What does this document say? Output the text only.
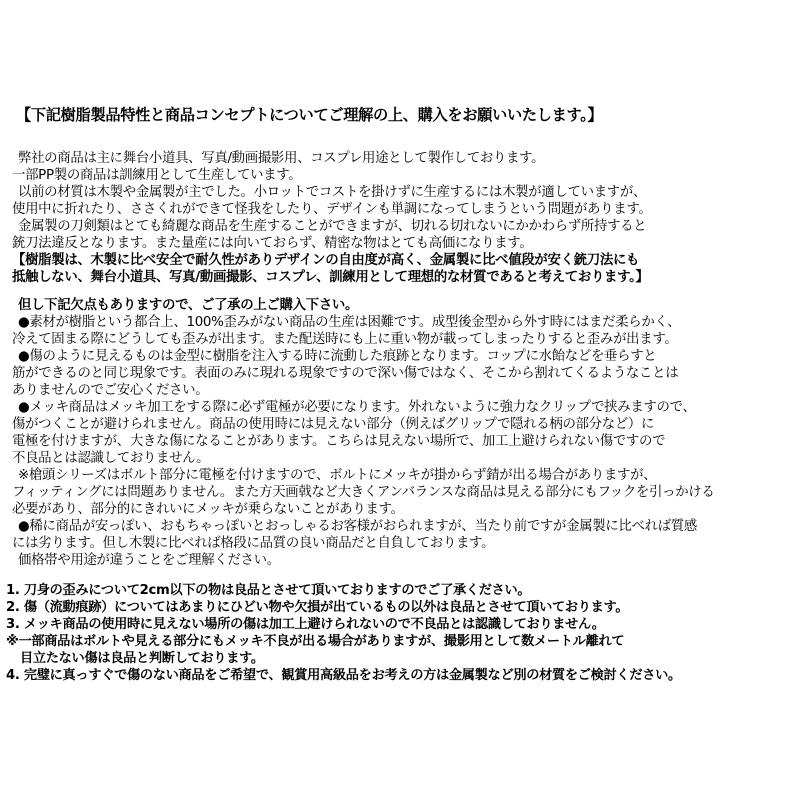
【下記樹脂製品特性と商品コンセプトについてご理解の上、購入をお願いいたします。】
弊社の商品は主に舞台小道具、写真/動画撮影用、コスプレ用途として製作しております。
一部PP製の商品は訓練用として生産しています。
以前の材質は木製や金属製が主でした。小ロットでコストを掛けずに生産するには木製が適していますが、
使用中に折れたり、ささくれができて怪我をしたり、デザインも単調になってしまうという問題があります。
金属製の刀剣類はとても綺麗な商品を生産することができますが、切れる切れないにかかわらず所持すると
銃刀法違反となります。また量産には向いておらず、精密な物はとても高価になります。
【樹脂製は、木製に比べ安全で耐久性がありデザインの自由度が高く、金属製に比べ値段が安く銃刀法にも
抵触しない、舞台小道具、写真/動画撮影、コスプレ、訓練用として理想的な材質であると考えております。】
但し下記欠点もありますので、ご了承の上ご購入下さい。
●素材が樹脂という都合上、100%歪みがない商品の生産は困難です。成型後金型から外す時にはまだ柔らかく、
冷えて固まる際にどうしても歪みが出ます。また配送時にも上に重い物が載ってしまったりすると歪みが出ます。
●傷のように見えるものは金型に樹脂を注入する時に流動した痕跡となります。コップに水飴などを垂らすと
筋ができるのと同じ現象です。表面のみに現れる現象ですので深い傷ではなく、そこから割れてくるようなことは
ありませんのでご安心ください。
●メッキ商品はメッキ加工をする際に必ず電極が必要になります。外れないように強力なクリップで挟みますので、
傷がつくことが避けられません。商品の使用時には見えない部分（例えばグリップで隠れる柄の部分など）に
電極を付けますが、大きな傷になることがあります。こちらは見えない場所で、加工上避けられない傷ですので
不良品とは認識しておりません。
※槍頭シリーズはボルト部分に電極を付けますので、ボルトにメッキが掛からず錆が出る場合がありますが、
フィッティングには問題ありません。また方天画戟など大きくアンバランスな商品は見える部分にもフックを引っかける
必要があり、部分的にきれいにメッキが乗らないことがあります。
●稀に商品が安っぽい、おもちゃっぽいとおっしゃるお客様がおられますが、当たり前ですが金属製に比べれば質感
には劣ります。但し木製に比べれば格段に品質の良い商品だと自負しております。
価格帯や用途が違うことをご理解ください。
1. 刀身の歪みについて2cm以下の物は良品とさせて頂いておりますのでご了承ください。
2. 傷（流動痕跡）についてはあまりにひどい物や欠損が出ているもの以外は良品とさせて頂いております。
3. メッキ商品の使用時に見えない場所の傷は加工上避けられないので不良品とは認識しておりません。
※一部商品はボルトや見える部分にもメッキ不良が出る場合がありますが、撮影用として数メートル離れて
目立たない傷は良品と判断しております。
4. 完璧に真っすぐで傷のない商品をご希望で、観賞用高級品をお考えの方は金属製など別の材質をご検討ください。
